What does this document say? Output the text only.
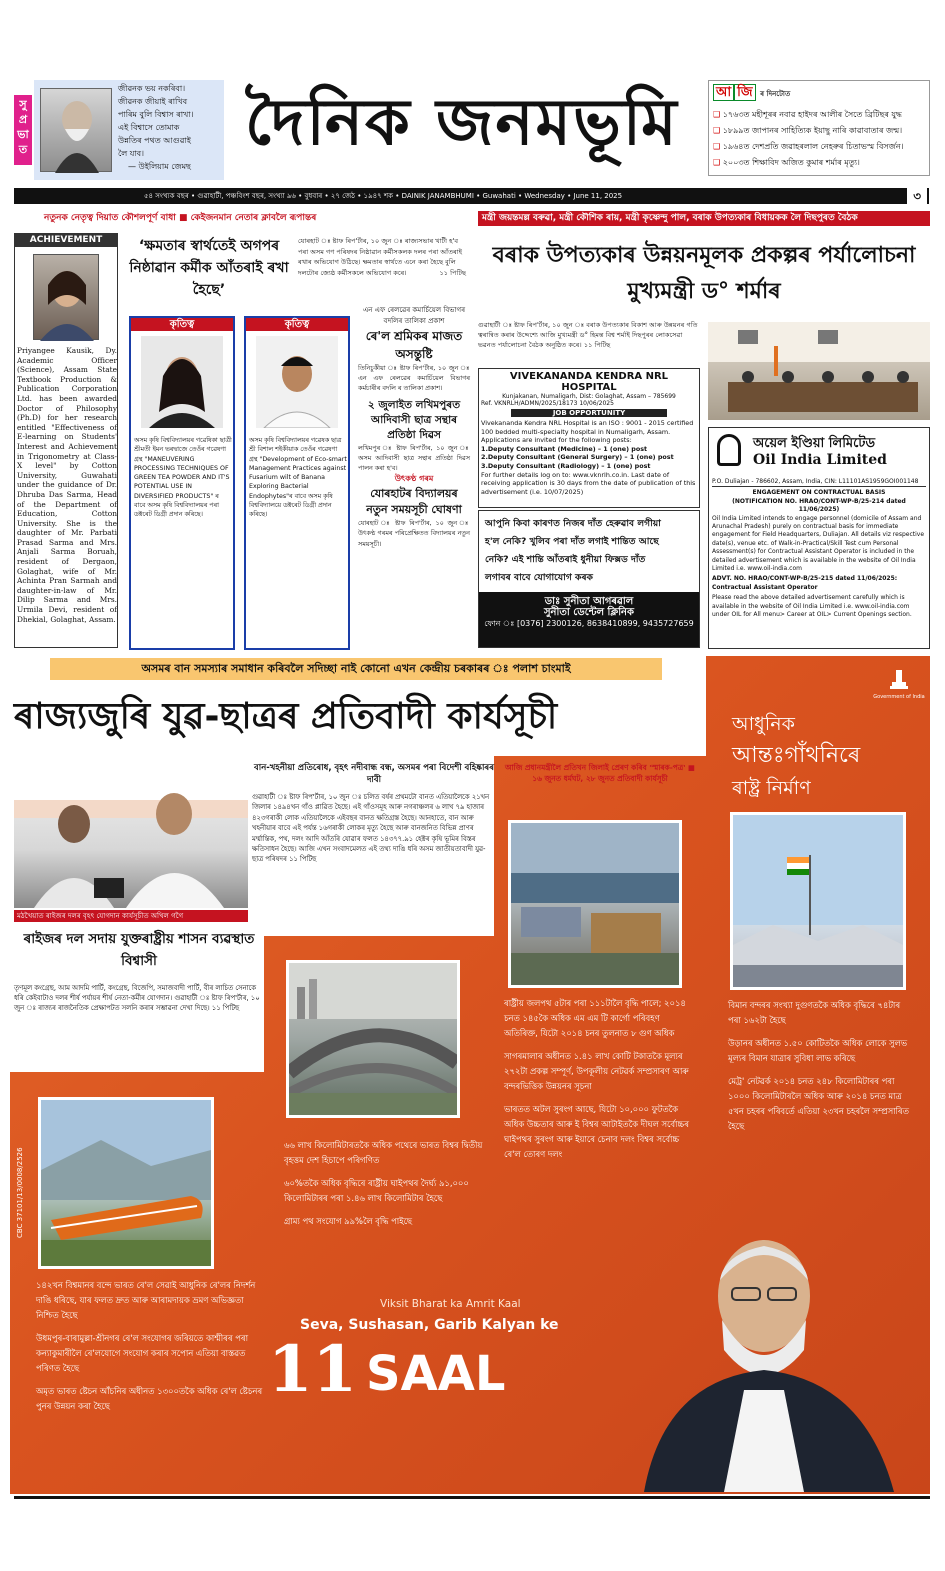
সু প্ৰ ভা ত
জীৱনক ভয় নকৰিবা।
জীৱনক জীয়াই ৰাখিব
পাৰিম বুলি বিশ্বাস ৰাখা।
এই বিশ্বাসে তোমাক
উন্নতিৰ পথত আগুৱাই
লৈ যাব।
— উইলিয়াম জেমছ
দৈনিক জনমভূমি	আ জি ৰ দিনটোত
❑ ১৭৬৩ত মহীশূৰৰ নবাৱ হাইদৰ আলীৰ সৈতে ব্ৰিটিছৰ যুদ্ধ
❑ ১৮৯৯ত জাপানৰ সাহিত্যিক ইয়াছু নাৰি কাৱাবাতাৰ জন্ম।
❑ ১৯৬৪ত দেশপ্ৰতি জৱাহৰলাল নেহৰুৰ চিতাভস্ম বিসৰ্জন।
❑ ২০০৩ত শিক্ষাবিদ অজিত কুমাৰ শৰ্মাৰ মৃত্যু।
৫৪ সংখ্যক বছৰ • গুৱাহাটী, পঞ্চবিংশ বছৰ, সংখ্যা ৯৬ • বুধবাৰ • ২৭ জেঠ • ১৯৪৭ শক • DAINIK JANAMBHUMI • Guwahati • Wednesday • June 11, 2025	৩
নতুনক নেতৃত্ব দিয়াত কৌশলপূৰ্ণ বাধা ■ কেইজনমান নেতাৰ ক্লাবলৈ ৰূপান্তৰ	মন্ত্ৰী জয়ন্তমল্ল বৰুৱা, মন্ত্ৰী কৌশিক ৰায়, মন্ত্ৰী কৃষ্ণেন্দু পাল, বৰাক উপত্যকাৰ বিধায়কক লৈ দিছপুৰত বৈঠক
ACHIEVEMENT
Priyangee Kausik, Dy. Academic Officer (Science), Assam State Textbook Production & Publication Corporation Ltd. has been awarded Doctor of Philosophy (Ph.D) for her research entitled "Effectiveness of E-learning on Students' Interest and Achievement in Trigonometry at Class-X level" by Cotton University, Guwahati under the guidance of Dr. Dhruba Das Sarma, Head of the Department of Education, Cotton University. She is the daughter of Mr. Parbati Prasad Sarma and Mrs. Anjali Sarma Boruah, resident of Dergaon, Golaghat, wife of Mr. Achinta Pran Sarmah and daughter-in-law of Mr. Dilip Sarma and Mrs. Urmila Devi, resident of Dhekial, Golaghat, Assam.
‘ক্ষমতাৰ স্বাৰ্থতেই অগপৰ নিষ্ঠাৱান কৰ্মীক আঁতৰাই ৰখা হৈছে’
যোৰহাট ঃ ষ্টাফ ৰিপ'ৰ্টাৰ, ১০ জুন ঃ ৰাজ্যসভাৰ খাটী হ'ব পৰা অসম গণ পৰিষদৰ নিষ্ঠাৱান কৰ্মীসকলক দলৰ পৰা আঁতৰাই ৰখাৰ অভিযোগ উঠিছে। ক্ষমতাৰ স্বাৰ্থতে এনে কৰা হৈছে বুলি দলটোৰ জ্যেষ্ঠ কৰ্মীসকলে অভিযোগ কৰে।	১১ পিটিছ
কৃতিত্ব
অসম কৃষি বিশ্ববিদ্যালয়ৰ গৱেষিকা ছাত্ৰী শ্ৰীমতী ইমন ভৰদ্বাজে তেওঁৰ গৱেষণা গ্ৰন্থ "MANEUVERING PROCESSING TECHNIQUES OF GREEN TEA POWDER AND IT'S POTENTIAL USE IN DIVERSIFIED PRODUCTS" ৰ বাবে অসম কৃষি বিশ্ববিদ্যালয়ৰ পৰা ডক্টৰেট ডিগ্ৰী প্ৰদান কৰিছে।
কৃতিত্ব
অসম কৃষি বিশ্ববিদ্যালয়ৰ গৱেষক ছাত্ৰ শ্ৰী বিশাল শইকীয়াক তেওঁৰ গৱেষণা গ্ৰন্থ "Development of Eco-smart Management Practices against Fusarium wilt of Banana Exploring Bacterial Endophytes"ৰ বাবে অসম কৃষি বিশ্ববিদ্যালয়ে ডক্টৰেট ডিগ্ৰী প্ৰদান কৰিছে।
এন এফ ৰেলৱেৰ কমাৰ্চিয়েল বিভাগৰ বদলিৰ তালিকা প্ৰকাশ
ৰে'ল শ্ৰমিকৰ মাজত অসন্তুষ্টি
তিনিচুকীয়া ঃ ষ্টাফ ৰিপ'ৰ্টাৰ, ১০ জুন ঃ এন এফ ৰেলৱেৰ কমাৰ্চিয়েল বিভাগৰ কৰ্মচাৰীৰ বদলি ৰ তালিকা প্ৰকাশ।
২ জুলাইত লখিমপুৰত আদিবাসী ছাত্ৰ সন্থাৰ প্ৰতিষ্ঠা দিৱস
লখিমপুৰ ঃ ষ্টাফ ৰিপ'ৰ্টাৰ, ১০ জুন ঃ অসম আদিবাসী ছাত্ৰ সন্থাৰ প্ৰতিষ্ঠা দিৱস পালন কৰা হ'ব।
উৎকণ্ঠ গৰম
যোৰহাটৰ বিদ্যালয়ৰ নতুন সময়সূচী ঘোষণা
যোৰহাট ঃ ষ্টাফ ৰিপ'ৰ্টাৰ, ১০ জুন ঃ উৎকণ্ঠ গৰমৰ পৰিপ্ৰেক্ষিতত বিদ্যালয়ৰ নতুন সময়সূচী।
বৰাক উপত্যকাৰ উন্নয়নমূলক প্ৰকল্পৰ পৰ্যালোচনা মুখ্যমন্ত্ৰী ড° শৰ্মাৰ
গুৱাহাটী ঃ ষ্টাফ ৰিপ'ৰ্টাৰ, ১০ জুন ঃ বৰাক উপত্যকাৰ বিকাশ আৰু উন্নয়নৰ গতি ত্বৰান্বিত কৰাৰ উদ্দেশ্যে আজি মুখ্যমন্ত্ৰী ড° হিমন্ত বিশ্ব শৰ্মাই দিছপুৰৰ লোকসেৱা ভৱনত পৰ্যালোচনা বৈঠক অনুষ্ঠিত কৰে। ১১ পিটিছ
VIVEKANANDA KENDRA NRL HOSPITAL
Kunjakanan, Numaligarh, Dist: Golaghat, Assam – 785699
Ref. VKNRLH/ADMN/2025/18173 10/06/2025
JOB OPPORTUNITY
Vivekananda Kendra NRL Hospital is an ISO : 9001 - 2015 certified 100 bedded multi-specialty hospital in Numaligarh, Assam. Applications are invited for the following posts:
1.Deputy Consultant (Medicine) – 1 (one) post
2.Deputy Consultant (General Surgery) – 1 (one) post
3.Deputy Consultant (Radiology) – 1 (one) post
For further details log on to: www.vknrlh.co.in. Last date of receiving application is 30 days from the date of publication of this advertisement (i.e. 10/07/2025)
আপুনি কিবা কাৰণত নিজৰ দাঁত হেৰুৱাব লগীয়া
হ'ল নেকি? খুলিব পৰা দাঁত লগাই শান্তিত আছে
নেকি? এই শান্তি আঁতৰাই ধুনীয়া ফিক্সড দাঁত
লগাবৰ বাবে যোগাযোগ কৰক
ডাঃ সুনীতা আগৰৱাল
সুনীতা ডেন্টেল ক্লিনিক
ফোন ঃ [0376] 2300126, 8638410899, 9435727659
অয়েল ইণ্ডিয়া লিমিটেড
Oil India Limited
P.O. Duliajan - 786602, Assam, India, CIN: L11101AS1959GOI001148
ENGAGEMENT ON CONTRACTUAL BASIS
(NOTIFICATION NO. HRAO/CONT-WP-B/25-214 dated 11/06/2025)
Oil India Limited intends to engage personnel (domicile of Assam and Arunachal Pradesh) purely on contractual basis for immediate engagement for Field Headquarters, Duliajan. All details viz respective date(s), venue etc. of Walk-in-Practical/Skill Test cum Personal Assessment(s) for Contractual Assistant Operator is included in the detailed advertisement which is available in the website of Oil India Limited i.e. www.oil-india.com
ADVT. NO. HRAO/CONT-WP-B/25-215 dated 11/06/2025:
Contractual Assistant Operator
Please read the above detailed advertisement carefully which is available in the website of Oil India Limited i.e. www.oil-india.com under OIL for All menu> Career at OIL> Current Openings section.
অসমৰ বান সমস্যাৰ সমাধান কৰিবলৈ সদিচ্ছা নাই কোনো এখন কেন্দ্ৰীয় চৰকাৰৰ ঃ পলাশ চাংমাই
ৰাজ্যজুৰি যুৱ-ছাত্ৰৰ প্ৰতিবাদী কাৰ্যসূচী
মঠখৈয়াত ৰাইজৰ দলৰ বৃহৎ যোগদান কাৰ্যসূচীত অখিল গগৈ
ৰাইজৰ দল সদায় যুক্তৰাষ্ট্ৰীয় শাসন ব্যৱস্থাত বিশ্বাসী
তৃণমূল কংগ্ৰেছ, আম আদমি পাৰ্টি, কংগ্ৰেছ, বিজেপি, সমাজবাদী পাৰ্টি, বীৰ লাচিত সেনাকে ধৰি কেইবাটাও দলৰ শীৰ্ষ পৰ্যায়ৰ শীৰ্ষ নেতা-কৰ্মীৰ যোগদান। গুৱাহাটী ঃ ষ্টাফ ৰিপ'ৰ্টাৰ, ১০ জুন ঃ ৰাজ্যৰ ৰাজনৈতিক প্ৰেক্ষাপটত সলনি কৰাৰ সম্ভাৱনা দেখা দিছে। ১১ পিটিছ
বান-খহনীয়া প্ৰতিৰোধ, বৃহৎ নদীবান্ধ বন্ধ, অসমৰ পৰা বিদেশী বহিষ্কাৰৰ দাবী
গুৱাহাটী ঃ ষ্টাফ ৰিপ'ৰ্টাৰ, ১০ জুন ঃ চলিত বৰ্ষৰ প্ৰথমটো বানত এতিয়ালৈকে ২১খন জিলাৰ ১৪৯৪খন গাঁও প্লাৱিত হৈছে। এই গাঁওসমূহ আৰু নগৰাঞ্চলৰ ৬ লাখ ৭৯ হাজাৰ ৪২৩গৰাকী লোক এতিয়ালৈকে এইবছৰ বানত ক্ষতিগ্ৰস্ত হৈছে। আনহাতে, বান আৰু খহনীয়াৰ বাবে এই পৰ্যন্ত ১৬গৰাকী লোকৰ মৃত্যু হৈছে আৰু বানজনিত বিভিন্ন প্ৰাণৰ মৰ্ম্মান্তিক, পথ, দলং আদি আঁতৰি যোৱাৰ ফলত ১৪৩৭৭.৯১ হেক্টৰ কৃষি ভূমিৰ বিস্তৰ ক্ষতিসাধন হৈছে। আজি এখন সংবাদমেলত এই তথ্য দাঙি ধৰি অসম জাতীয়তাবাদী যুৱ-ছাত্ৰ পৰিষদৰ ১১ পিটিছ
আজি প্ৰধানমন্ত্ৰীলৈ প্ৰতিখন জিলাই প্ৰেৰণ কৰিব 'স্মাৰক-পত্ৰ' ■ ১৬ জুনত ধৰ্মঘট, ২৮ জুনত প্ৰতিবাদী কাৰ্যসূচী
Government of India
আধুনিক
আন্তঃগাঁথনিৰে
ৰাষ্ট্ৰ নিৰ্মাণ
CBC 37101/13/0008/2526
ৰাষ্ট্ৰীয় জলপথ ৫টাৰ পৰা ১১১টালৈ বৃদ্ধি পালে; ২০১৪ চনত ১৪৫কৈ অধিক এম এম টি কাৰ্গো পৰিবহণ অতিৰিক্ত, যিটো ২০১৪ চনৰ তুলনাত ৮ গুণ অধিক
সাগৰমালাৰ অধীনত ১.৪১ লাখ কোটি টকাতকৈ মূল্যৰ ২৭২টা প্ৰকল্প সম্পূৰ্ণ, উপকূলীয় নেটৱৰ্ক সম্প্ৰসাৰণ আৰু বন্দৰভিত্তিক উন্নয়নৰ সূচনা
ভাৰতত অটল সুৰংগ আছে, যিটো ১০,০০০ ফুটতকৈ অধিক উচ্চতাৰ আৰু ই বিশ্বৰ আটাইতকৈ দীঘল সৰ্বোচ্চৰ ঘাইপথৰ সুৰংগ আৰু ইয়াৰে চেনাব দলং বিশ্বৰ সৰ্বোচ্চ ৰে'ল তোৰণ দলং
৬৬ লাখ কিলোমিটাৰতকৈ অধিক পথেৰে ভাৰত বিশ্বৰ দ্বিতীয় বৃহত্তম দেশ হিচাপে পৰিগণিত
৬০%তকৈ অধিক বৃদ্ধিৰে ৰাষ্ট্ৰীয় ঘাইপথৰ দৈৰ্ঘ্য ৯১,০০০ কিলোমিটাৰৰ পৰা ১.৪৬ লাখ কিলোমিটাৰ হৈছে
গ্ৰাম্য পথ সংযোগ ৯৯%লৈ বৃদ্ধি পাইছে
বিমান বন্দৰৰ সংখ্যা দুগুণতকৈ অধিক বৃদ্ধিৰে ৭৪টাৰ পৰা ১৬২টা হৈছে
উড়ানৰ অধীনত ১.৫০ কোটিতকৈ অধিক লোকে সুলভ মূল্যৰ বিমান যাত্ৰাৰ সুবিধা লাভ কৰিছে
মেট্ৰ' নেটৱৰ্ক ২০১৪ চনত ২৪৮ কিলোমিটাৰৰ পৰা ১০০০ কিলোমিটাৰলৈ অধিক আৰু ২০১৪ চনত মাত্ৰ ৫খন চহৰৰ পৰিবৰ্তে এতিয়া ২৩খন চহৰলৈ সম্প্ৰসাৰিত হৈছে
১৪২খন বিশ্বমানৰ বন্দে ভাৰত ৰে'ল সেৱাই আধুনিক ৰে'লৰ নিদৰ্শন দাঙি ধৰিছে, যাৰ ফলত দ্ৰুত আৰু আৰামদায়ক ভ্ৰমণ অভিজ্ঞতা নিশ্চিত হৈছে
উধমপুৰ-বাৰামুল্লা-শ্ৰীনগৰ ৰে'ল সংযোগৰ জৰিয়তে কাশ্মীৰৰ পৰা কন্যাকুমাৰীলৈ ৰে'লযোগে সংযোগ কৰাৰ সপোন এতিয়া বাস্তৱত পৰিণত হৈছে
অমৃত ভাৰত ষ্টেচন আঁচনিৰ অধীনত ১৩০০তকৈ অধিক ৰে'ল ষ্টেচনৰ পুনৰ উন্নয়ন কৰা হৈছে
Viksit Bharat ka Amrit Kaal
Seva, Sushasan, Garib Kalyan ke
11 SAAL
